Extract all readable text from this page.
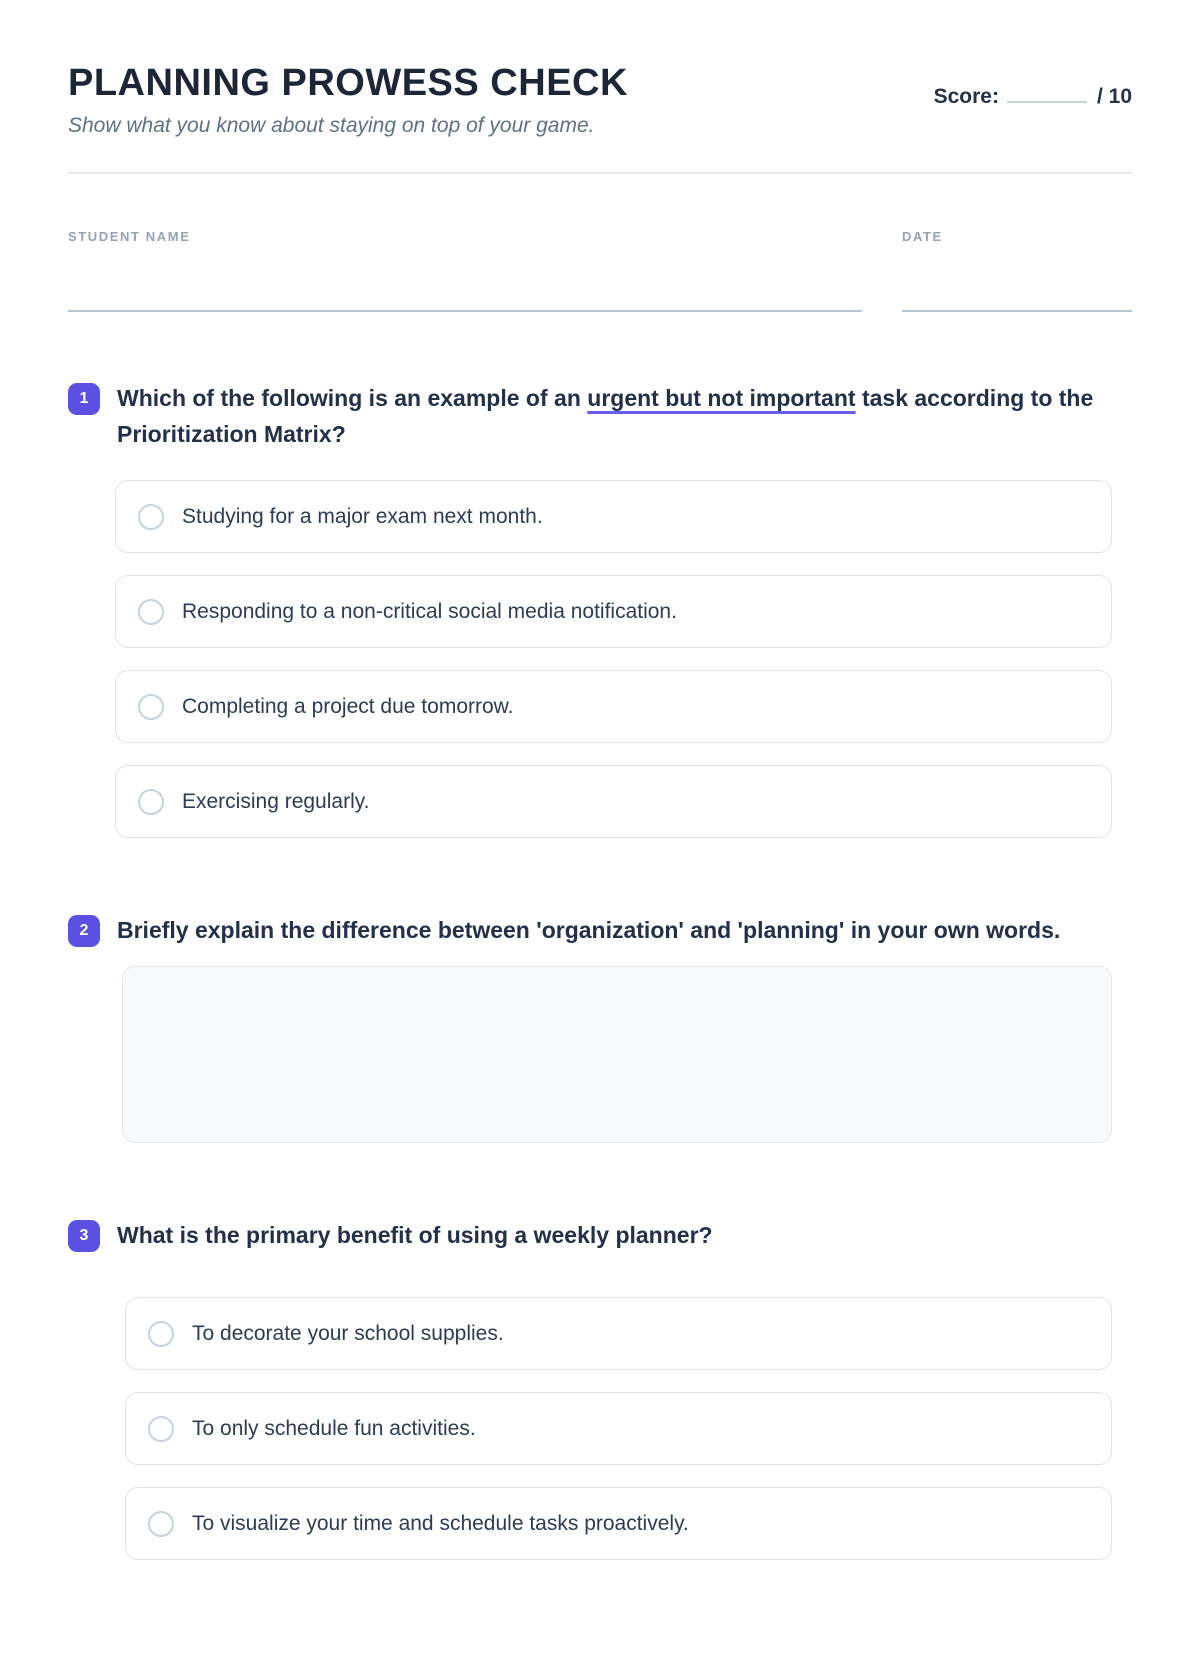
PLANNING PROWESS CHECK

Show what you know about staying on top of your game.

Score:	/ 10
STUDENT NAME	DATE
1	Which of the following is an example of an urgent but not important task according to the Prioritization Matrix?
Studying for a major exam next month.
Responding to a non-critical social media notification.
Completing a project due tomorrow.
Exercising regularly.
2	Briefly explain the difference between 'organization' and 'planning' in your own words.
3	What is the primary benefit of using a weekly planner?
To decorate your school supplies.
To only schedule fun activities.
To visualize your time and schedule tasks proactively.
